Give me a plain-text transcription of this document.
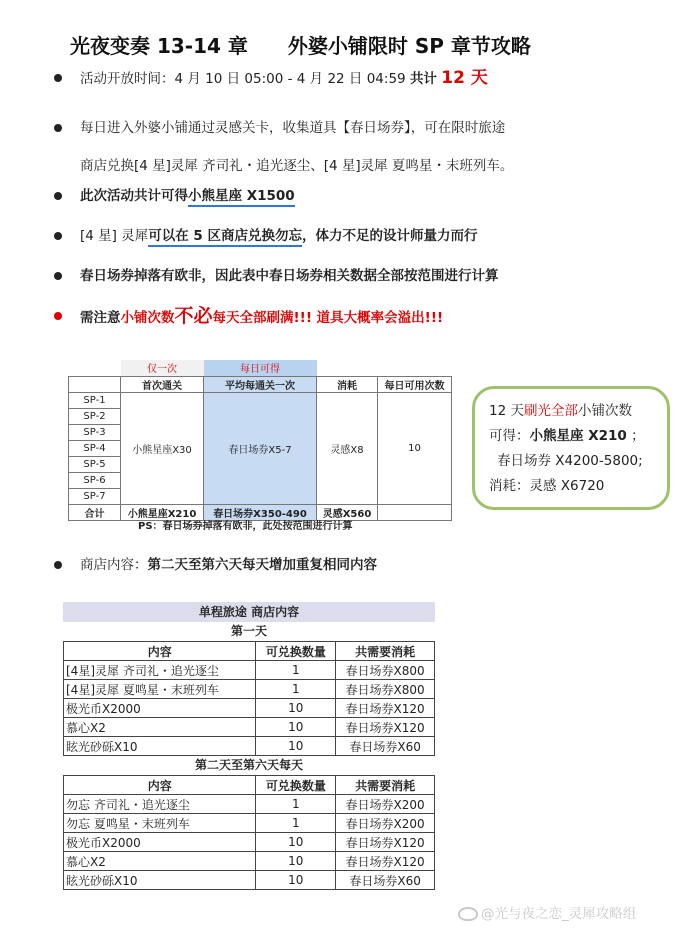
光夜变奏 13-14 章 外婆小铺限时 SP 章节攻略
活动开放时间：4 月 10 日 05:00 - 4 月 22 日 04:59 共计 12 天
每日进入外婆小铺通过灵感关卡，收集道具【春日场券】，可在限时旅途
商店兑换[4 星]灵犀 齐司礼・追光逐尘、[4 星]灵犀 夏鸣星・末班列车。
此次活动共计可得小熊星座 X1500
[4 星] 灵犀可以在 5 区商店兑换勿忘，体力不足的设计师量力而行
春日场券掉落有欧非，因此表中春日场券相关数据全部按范围进行计算
需注意小铺次数不必每天全部刷满!!! 道具大概率会溢出!!!
	仅一次	每日可得		
	首次通关	平均每通关一次	消耗	每日可用次数
SP-1	小熊星座X30	春日场券X5-7	灵感X8	10
SP-2				
SP-3				
SP-4				
SP-5				
SP-6				
SP-7				
合计	小熊星座X210	春日场券X350-490	灵感X560	
PS：春日场券掉落有欧非，此处按范围进行计算
12 天刷光全部小铺次数
可得：小熊星座 X210 ；
春日场券 X4200-5800;
消耗：灵感 X6720
商店内容：第二天至第六天每天增加重复相同内容
单程旅途 商店内容
第一天
内容	可兑换数量	共需要消耗
[4星]灵犀 齐司礼・追光逐尘	1	春日场券X800
[4星]灵犀 夏鸣星・末班列车	1	春日场券X800
极光币X2000	10	春日场券X120
慕心X2	10	春日场券X120
眩光砂砾X10	10	春日场券X60
第二天至第六天每天
内容	可兑换数量	共需要消耗
勿忘 齐司礼・追光逐尘	1	春日场券X200
勿忘 夏鸣星・末班列车	1	春日场券X200
极光币X2000	10	春日场券X120
慕心X2	10	春日场券X120
眩光砂砾X10	10	春日场券X60
@光与夜之恋_灵犀攻略组
